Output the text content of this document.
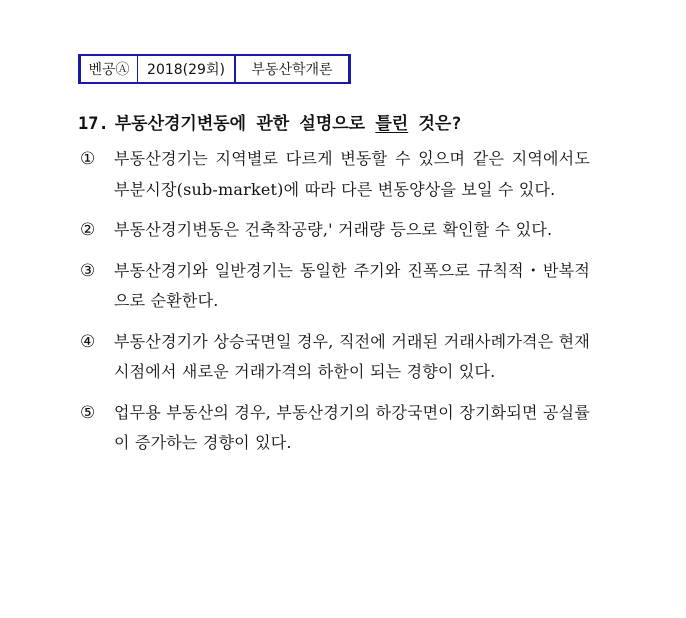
벤공Ⓐ	2018(29회)	부동산학개론
17. 부동산경기변동에 관한 설명으로 틀린 것은?
① 부동산경기는 지역별로 다르게 변동할 수 있으며 같은 지역에서도 부분시장(sub-market)에 따라 다른 변동양상을 보일 수 있다.
② 부동산경기변동은 건축착공량,' 거래량 등으로 확인할 수 있다.
③ 부동산경기와 일반경기는 동일한 주기와 진폭으로 규칙적・반복적으로 순환한다.
④ 부동산경기가 상승국면일 경우, 직전에 거래된 거래사례가격은 현재 시점에서 새로운 거래가격의 하한이 되는 경향이 있다.
⑤ 업무용 부동산의 경우, 부동산경기의 하강국면이 장기화되면 공실률이 증가하는 경향이 있다.
